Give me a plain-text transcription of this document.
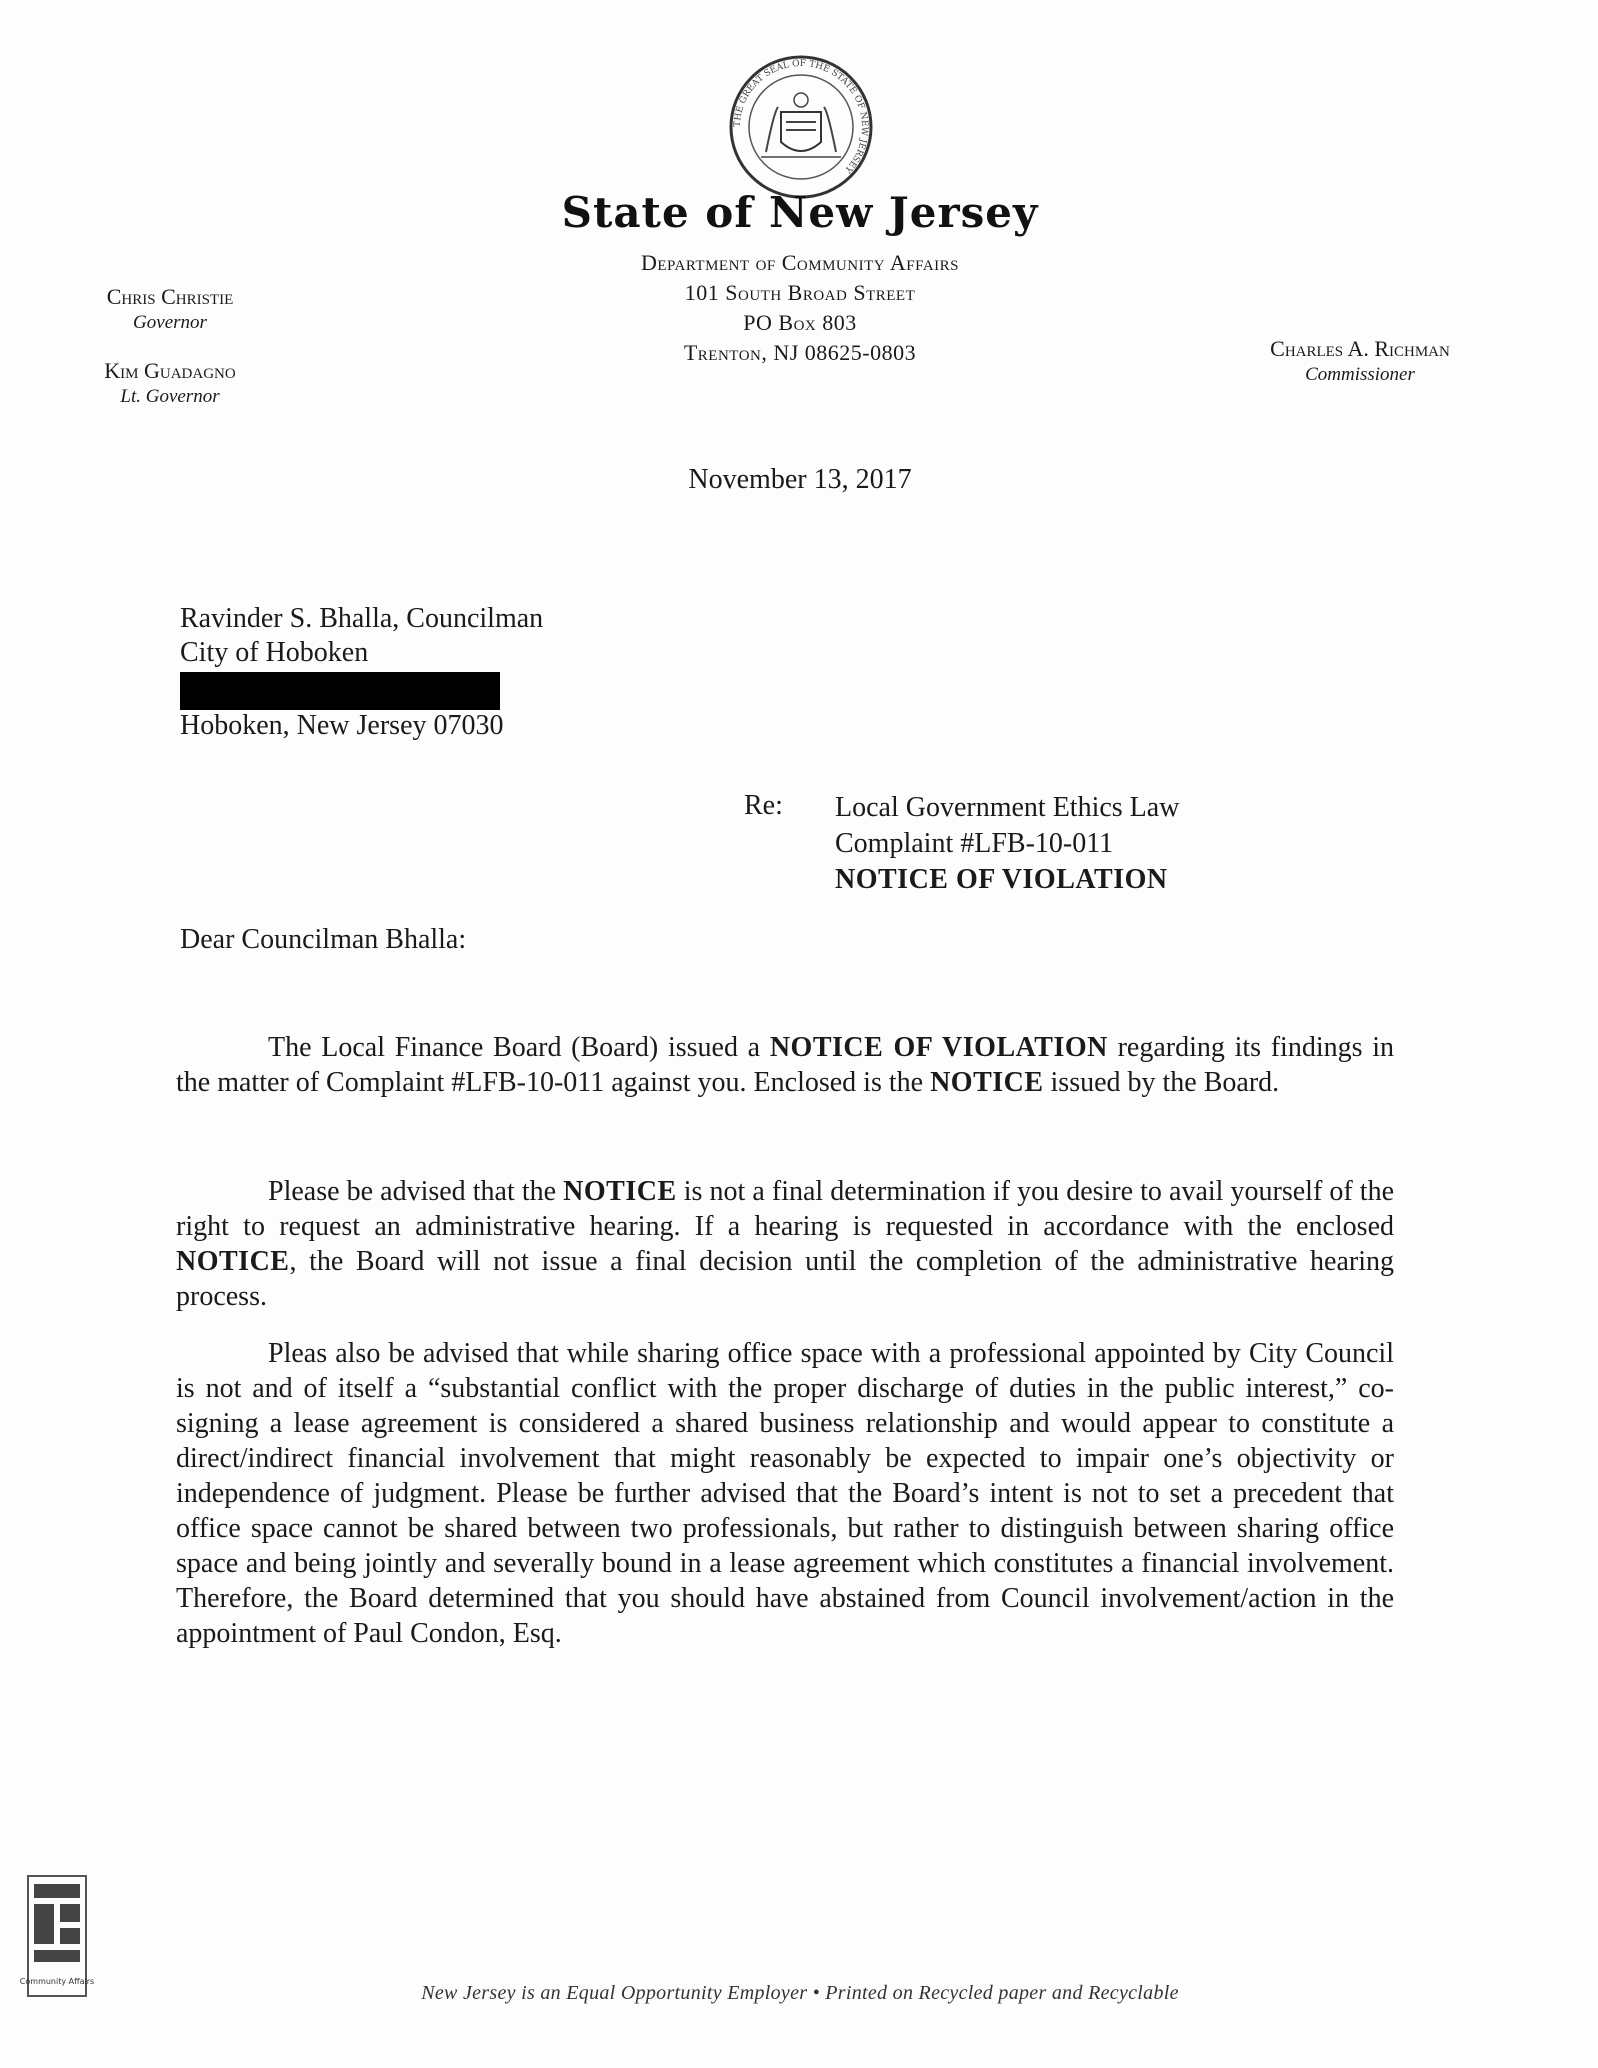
THE GREAT SEAL OF THE STATE OF NEW JERSEY
State of New Jersey
Department of Community Affairs
101 South Broad Street
PO Box 803
Trenton, NJ 08625-0803
Chris Christie
Governor
Kim Guadagno
Lt. Governor
Charles A. Richman
Commissioner
November 13, 2017
Ravinder S. Bhalla, Councilman
City of Hoboken
Hoboken, New Jersey 07030
Re: Local Government Ethics Law
Complaint #LFB-10-011
NOTICE OF VIOLATION
Dear Councilman Bhalla:

The Local Finance Board (Board) issued a NOTICE OF VIOLATION regarding its findings in the matter of Complaint #LFB-10-011 against you. Enclosed is the NOTICE issued by the Board.

Please be advised that the NOTICE is not a final determination if you desire to avail yourself of the right to request an administrative hearing. If a hearing is requested in accordance with the enclosed NOTICE, the Board will not issue a final decision until the completion of the administrative hearing process.

Pleas also be advised that while sharing office space with a professional appointed by City Council is not and of itself a “substantial conflict with the proper discharge of duties in the public interest,” co-signing a lease agreement is considered a shared business relationship and would appear to constitute a direct/indirect financial involvement that might reasonably be expected to impair one’s objectivity or independence of judgment. Please be further advised that the Board’s intent is not to set a precedent that office space cannot be shared between two professionals, but rather to distinguish between sharing office space and being jointly and severally bound in a lease agreement which constitutes a financial involvement. Therefore, the Board determined that you should have abstained from Council involvement/action in the appointment of Paul Condon, Esq.

Community Affairs
New Jersey is an Equal Opportunity Employer • Printed on Recycled paper and Recyclable
